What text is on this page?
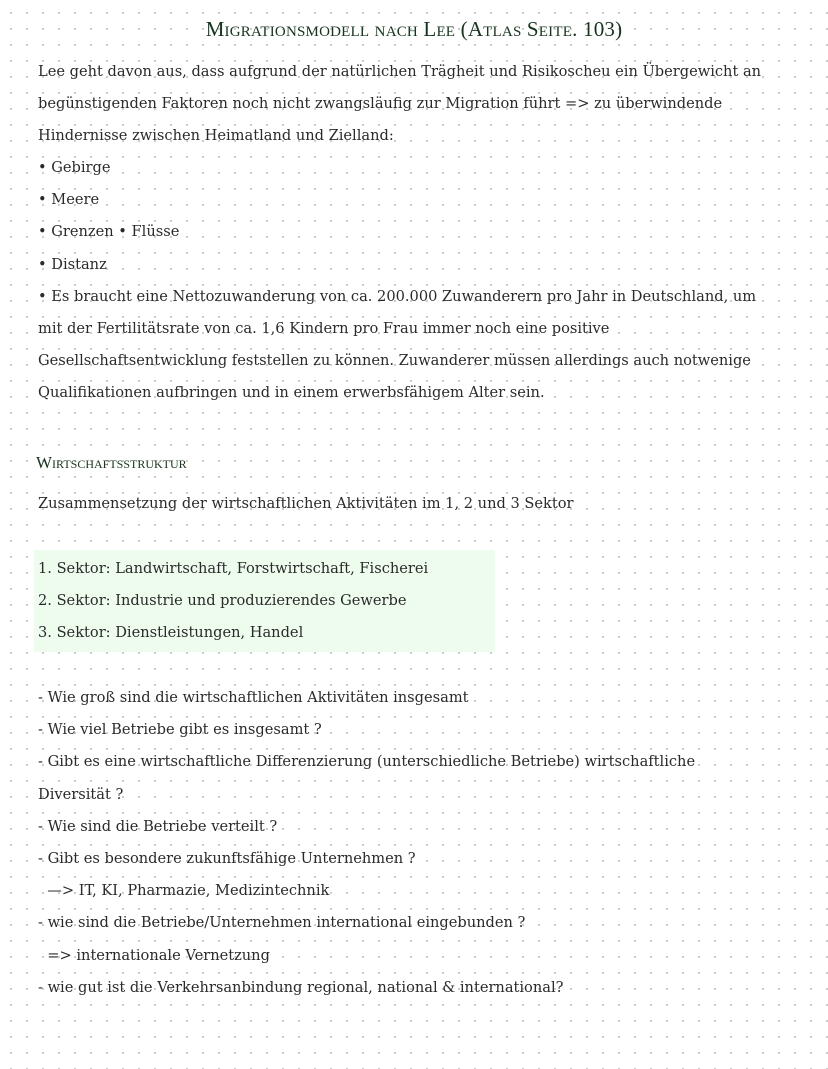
Migrationsmodell nach Lee (Atlas Seite. 103)
Lee geht davon aus, dass aufgrund der natürlichen Trägheit und Risikoscheu ein Übergewicht an
begünstigenden Faktoren noch nicht zwangsläufig zur Migration führt => zu überwindende
Hindernisse zwischen Heimatland und Zielland:
• Gebirge
• Meere
• Grenzen • Flüsse
• Distanz
• Es braucht eine Nettozuwanderung von ca. 200.000 Zuwanderern pro Jahr in Deutschland, um
mit der Fertilitätsrate von ca. 1,6 Kindern pro Frau immer noch eine positive
Gesellschaftsentwicklung feststellen zu können. Zuwanderer müssen allerdings auch notwenige
Qualifikationen aufbringen und in einem erwerbsfähigem Alter sein.
Wirtschaftsstruktur
Zusammensetzung der wirtschaftlichen Aktivitäten im 1, 2 und 3 Sektor
1. Sektor: Landwirtschaft, Forstwirtschaft, Fischerei
2. Sektor: Industrie und produzierendes Gewerbe
3. Sektor: Dienstleistungen, Handel
- Wie groß sind die wirtschaftlichen Aktivitäten insgesamt
- Wie viel Betriebe gibt es insgesamt ?
- Gibt es eine wirtschaftliche Differenzierung (unterschiedliche Betriebe) wirtschaftliche
Diversität ?
- Wie sind die Betriebe verteilt ?
- Gibt es besondere zukunftsfähige Unternehmen ?
—> IT, KI, Pharmazie, Medizintechnik
- wie sind die Betriebe/Unternehmen international eingebunden ?
=> internationale Vernetzung
- wie gut ist die Verkehrsanbindung regional, national & international?
